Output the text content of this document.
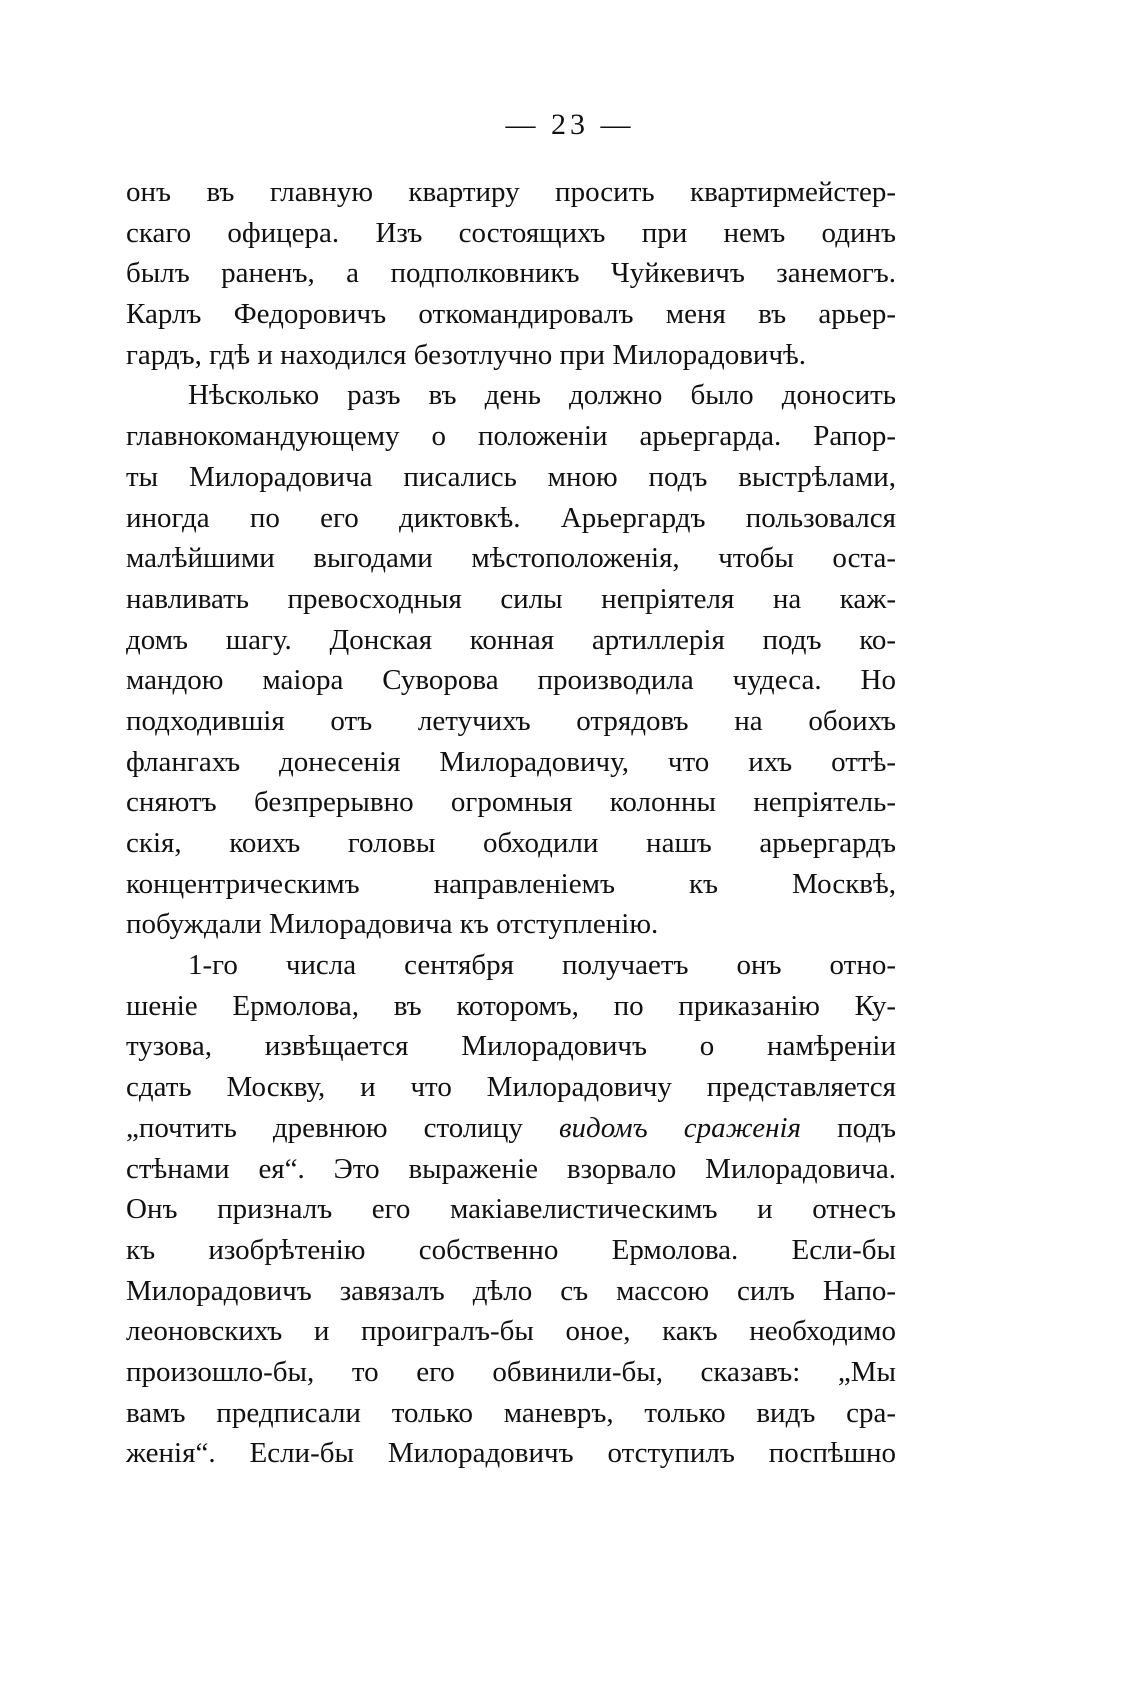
— 23 —
онъ въ главную квартиру просить квартирмейстер-
скаго офицера. Изъ состоящихъ при немъ одинъ
былъ раненъ, а подполковникъ Чуйкевичъ занемогъ.
Карлъ Федоровичъ откомандировалъ меня въ арьер-
гардъ, гдѣ и находился безотлучно при Милорадовичѣ.
Нѣсколько разъ въ день должно было доносить
главнокомандующему о положеніи арьергарда. Рапор-
ты Милорадовича писались мною подъ выстрѣлами,
иногда по его диктовкѣ. Арьергардъ пользовался
малѣйшими выгодами мѣстоположенія, чтобы оста-
навливать превосходныя силы непріятеля на каж-
домъ шагу. Донская конная артиллерія подъ ко-
мандою маіора Суворова производила чудеса. Но
подходившія отъ летучихъ отрядовъ на обоихъ
флангахъ донесенія Милорадовичу, что ихъ оттѣ-
сняютъ безпрерывно огромныя колонны непріятель-
скія, коихъ головы обходили нашъ арьергардъ
концентрическимъ направленіемъ къ Москвѣ,
побуждали Милорадовича къ отступленію.
1-го числа сентября получаетъ онъ отно-
шеніе Ермолова, въ которомъ, по приказанію Ку-
тузова, извѣщается Милорадовичъ о намѣреніи
сдать Москву, и что Милорадовичу представляется
„почтить древнюю столицу видомъ сраженія подъ
стѣнами ея“. Это выраженіе взорвало Милорадовича.
Онъ призналъ его макіавелистическимъ и отнесъ
къ изобрѣтенію собственно Ермолова. Если-бы
Милорадовичъ завязалъ дѣло съ массою силъ Напо-
леоновскихъ и проигралъ-бы оное, какъ необходимо
произошло-бы, то его обвинили-бы, сказавъ: „Мы
вамъ предписали только маневръ, только видъ сра-
женія“. Если-бы Милорадовичъ отступилъ поспѣшно
